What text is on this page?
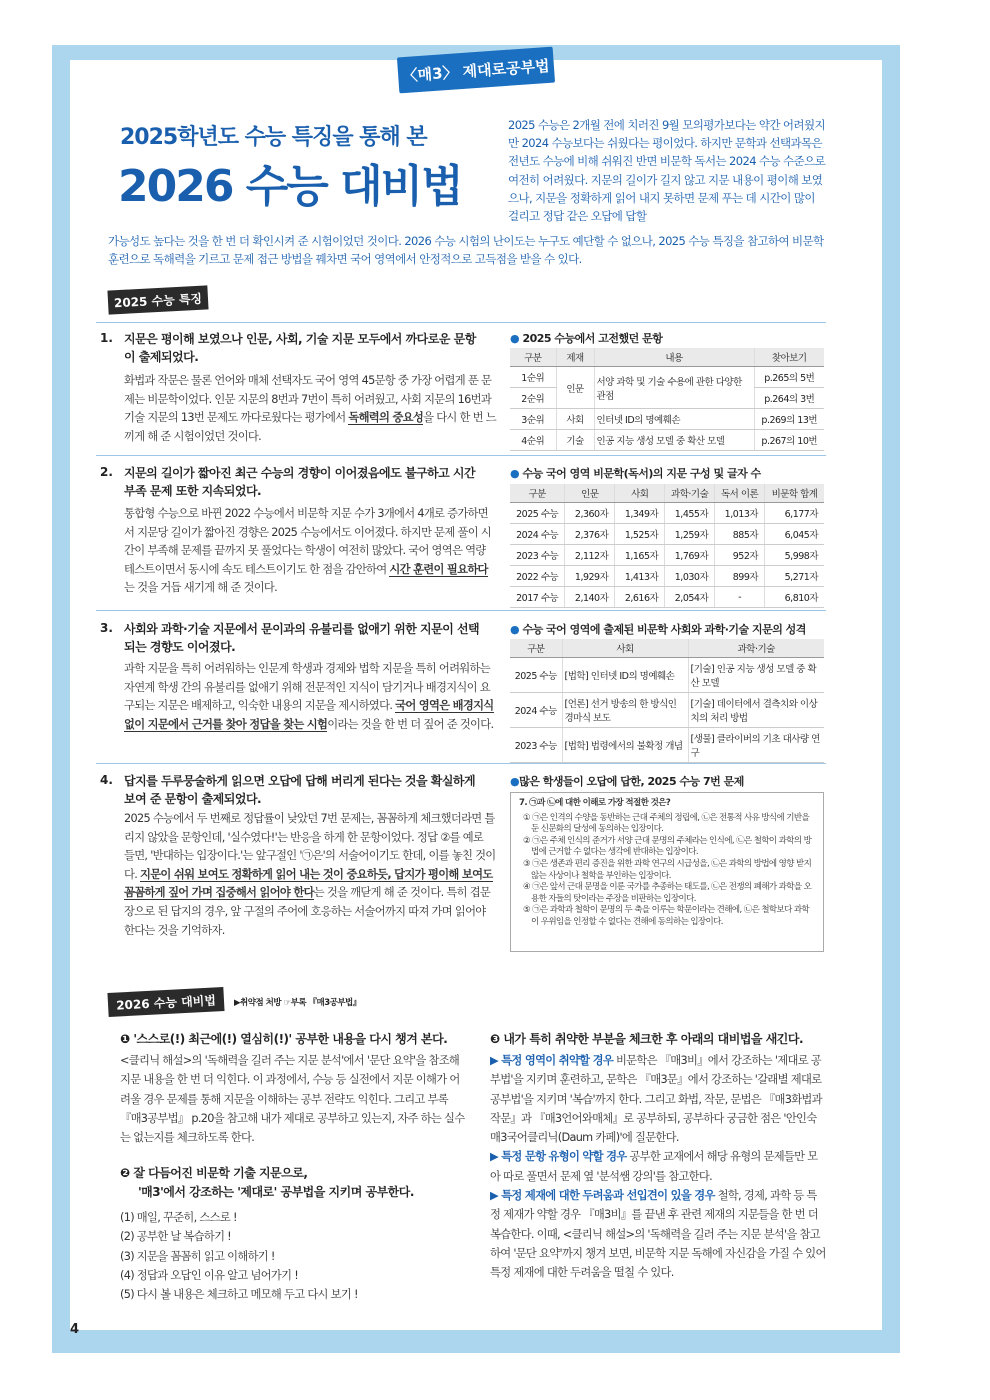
〈매3〉 제대로공부법
2025학년도 수능 특징을 통해 본
2026 수능 대비법
2025 수능은 2개월 전에 치러진 9월 모의평가보다는 약간 어려웠지만 2024 수능보다는 쉬웠다는 평이었다. 하지만 문학과 선택과목은 전년도 수능에 비해 쉬워진 반면 비문학 독서는 2024 수능 수준으로 여전히 어려웠다. 지문의 길이가 길지 않고 지문 내용이 평이해 보였으나, 지문을 정확하게 읽어 내지 못하면 문제 푸는 데 시간이 많이 걸리고 정답 같은 오답에 답할
가능성도 높다는 것을 한 번 더 확인시켜 준 시험이었던 것이다. 2026 수능 시험의 난이도는 누구도 예단할 수 없으나, 2025 수능 특징을 참고하여 비문학 훈련으로 독해력을 기르고 문제 접근 방법을 꿰차면 국어 영역에서 안정적으로 고득점을 받을 수 있다.
2025 수능 특징
1. 지문은 평이해 보였으나 인문, 사회, 기술 지문 모두에서 까다로운 문항이 출제되었다.
화법과 작문은 물론 언어와 매체 선택자도 국어 영역 45문항 중 가장 어렵게 푼 문제는 비문학이었다. 인문 지문의 8번과 7번이 특히 어려웠고, 사회 지문의 16번과 기술 지문의 13번 문제도 까다로웠다는 평가에서 독해력의 중요성을 다시 한 번 느끼게 해 준 시험이었던 것이다.
● 2025 수능에서 고전했던 문항
구분	제재	내용	찾아보기
1순위	인문	서양 과학 및 기술 수용에 관한 다양한 관점	p.265의 5번
2순위			p.264의 3번
3순위	사회	인터넷 ID의 명예훼손	p.269의 13번
4순위	기술	인공 지능 생성 모델 중 확산 모델	p.267의 10번
2. 지문의 길이가 짧아진 최근 수능의 경향이 이어졌음에도 불구하고 시간 부족 문제 또한 지속되었다.
통합형 수능으로 바뀐 2022 수능에서 비문학 지문 수가 3개에서 4개로 증가하면서 지문당 길이가 짧아진 경향은 2025 수능에서도 이어졌다. 하지만 문제 풀이 시간이 부족해 문제를 끝까지 못 풀었다는 학생이 여전히 많았다. 국어 영역은 역량 테스트이면서 동시에 속도 테스트이기도 한 점을 감안하여 시간 훈련이 필요하다는 것을 거듭 새기게 해 준 것이다.
● 수능 국어 영역 비문학(독서)의 지문 구성 및 글자 수
구분	인문	사회	과학·기술	독서 이론	비문학 합계
2025 수능	2,360자	1,349자	1,455자	1,013자	6,177자
2024 수능	2,376자	1,525자	1,259자	885자	6,045자
2023 수능	2,112자	1,165자	1,769자	952자	5,998자
2022 수능	1,929자	1,413자	1,030자	899자	5,271자
2017 수능	2,140자	2,616자	2,054자	-	6,810자
3. 사회와 과학·기술 지문에서 문이과의 유불리를 없애기 위한 지문이 선택되는 경향도 이어졌다.
과학 지문을 특히 어려워하는 인문계 학생과 경제와 법학 지문을 특히 어려워하는 자연계 학생 간의 유불리를 없애기 위해 전문적인 지식이 담기거나 배경지식이 요구되는 지문은 배제하고, 익숙한 내용의 지문을 제시하였다. 국어 영역은 배경지식 없이 지문에서 근거를 찾아 정답을 찾는 시험이라는 것을 한 번 더 짚어 준 것이다.
● 수능 국어 영역에 출제된 비문학 사회와 과학·기술 지문의 성격
구분	사회	과학·기술
2025 수능	[법학] 인터넷 ID의 명예훼손	[기술] 인공 지능 생성 모델 중 확산 모델
2024 수능	[언론] 선거 방송의 한 방식인 경마식 보도	[기술] 데이터에서 결측치와 이상치의 처리 방법
2023 수능	[법학] 법령에서의 불확정 개념	[생물] 클라이버의 기초 대사량 연구
4. 답지를 두루뭉술하게 읽으면 오답에 답해 버리게 된다는 것을 확실하게 보여 준 문항이 출제되었다.
2025 수능에서 두 번째로 정답률이 낮았던 7번 문제는, 꼼꼼하게 체크했더라면 틀리지 않았을 문항인데, '실수였다!'는 반응을 하게 한 문항이었다. 정답 ②를 예로 들면, '반대하는 입장이다.'는 앞구절인 '㉠은'의 서술어이기도 한데, 이를 놓친 것이다. 지문이 쉬워 보여도 정확하게 읽어 내는 것이 중요하듯, 답지가 평이해 보여도 꼼꼼하게 짚어 가며 집중해서 읽어야 한다는 것을 깨닫게 해 준 것이다. 특히 겹문장으로 된 답지의 경우, 앞 구절의 주어에 호응하는 서술어까지 따져 가며 읽어야 한다는 것을 기억하자.
●많은 학생들이 오답에 답한, 2025 수능 7번 문제
7. ㉠과 ㉡에 대한 이해로 가장 적절한 것은?
① ㉠은 인격의 수양을 동반하는 근대 주체의 정립에, ㉡은 전통적 사유 방식에 기반을 둔 신문화의 달성에 동의하는 입장이다.
② ㉠은 주체 인식의 준거가 서양 근대 문명의 주체라는 인식에, ㉡은 철학이 과학의 방법에 근거할 수 없다는 생각에 반대하는 입장이다.
③ ㉠은 생존과 편리 증진을 위한 과학 연구의 시급성을, ㉡은 과학의 방법에 영향 받지 않는 사상이나 철학을 부인하는 입장이다.
④ ㉠은 앞서 근대 문명을 이룬 국가를 추종하는 태도를, ㉡은 전쟁의 폐해가 과학을 오용한 자들의 탓이라는 주장을 비판하는 입장이다.
⑤ ㉠은 과학과 철학이 문명의 두 축을 이루는 학문이라는 견해에, ㉡은 철학보다 과학이 우위임을 인정할 수 없다는 견해에 동의하는 입장이다.
2026 수능 대비법	▶취약점 처방 ☞부록 『매3공부법』
❶ '스스로(!) 최근에(!) 열심히(!)' 공부한 내용을 다시 챙겨 본다.
<클리닉 해설>의 '독해력을 길러 주는 지문 분석'에서 '문단 요약'을 참조해 지문 내용을 한 번 더 익힌다. 이 과정에서, 수능 등 실전에서 지문 이해가 어려울 경우 문제를 통해 지문을 이해하는 공부 전략도 익힌다. 그리고 부록 『매3공부법』 p.20을 참고해 내가 제대로 공부하고 있는지, 자주 하는 실수는 없는지를 체크하도록 한다.
❷ 잘 다듬어진 비문학 기출 지문으로,
'매3'에서 강조하는 '제대로' 공부법을 지키며 공부한다.
(1) 매일, 꾸준히, 스스로 !
(2) 공부한 날 복습하기 !
(3) 지문을 꼼꼼히 읽고 이해하기 !
(4) 정답과 오답인 이유 알고 넘어가기 !
(5) 다시 볼 내용은 체크하고 메모해 두고 다시 보기 !
❸ 내가 특히 취약한 부분을 체크한 후 아래의 대비법을 새긴다.
▶ 특정 영역이 취약할 경우 비문학은 『매3비』에서 강조하는 '제대로 공부법'을 지키며 훈련하고, 문학은 『매3문』에서 강조하는 '갈래별 제대로 공부법'을 지키며 '복습'까지 한다. 그리고 화법, 작문, 문법은 『매3화법과작문』과 『매3언어와매체』로 공부하되, 공부하다 궁금한 점은 '안인숙 매3국어클리닉(Daum 카페)'에 질문한다.
▶ 특정 문항 유형이 약할 경우 공부한 교재에서 해당 유형의 문제들만 모아 따로 풀면서 문제 옆 '분석쌤 강의'를 참고한다.
▶ 특정 제재에 대한 두려움과 선입견이 있을 경우 철학, 경제, 과학 등 특정 제재가 약할 경우 『매3비』를 끝낸 후 관련 제재의 지문들을 한 번 더 복습한다. 이때, <클리닉 해설>의 '독해력을 길러 주는 지문 분석'을 참고하여 '문단 요약'까지 챙겨 보면, 비문학 지문 독해에 자신감을 가질 수 있어 특정 제재에 대한 두려움을 떨칠 수 있다.
4
